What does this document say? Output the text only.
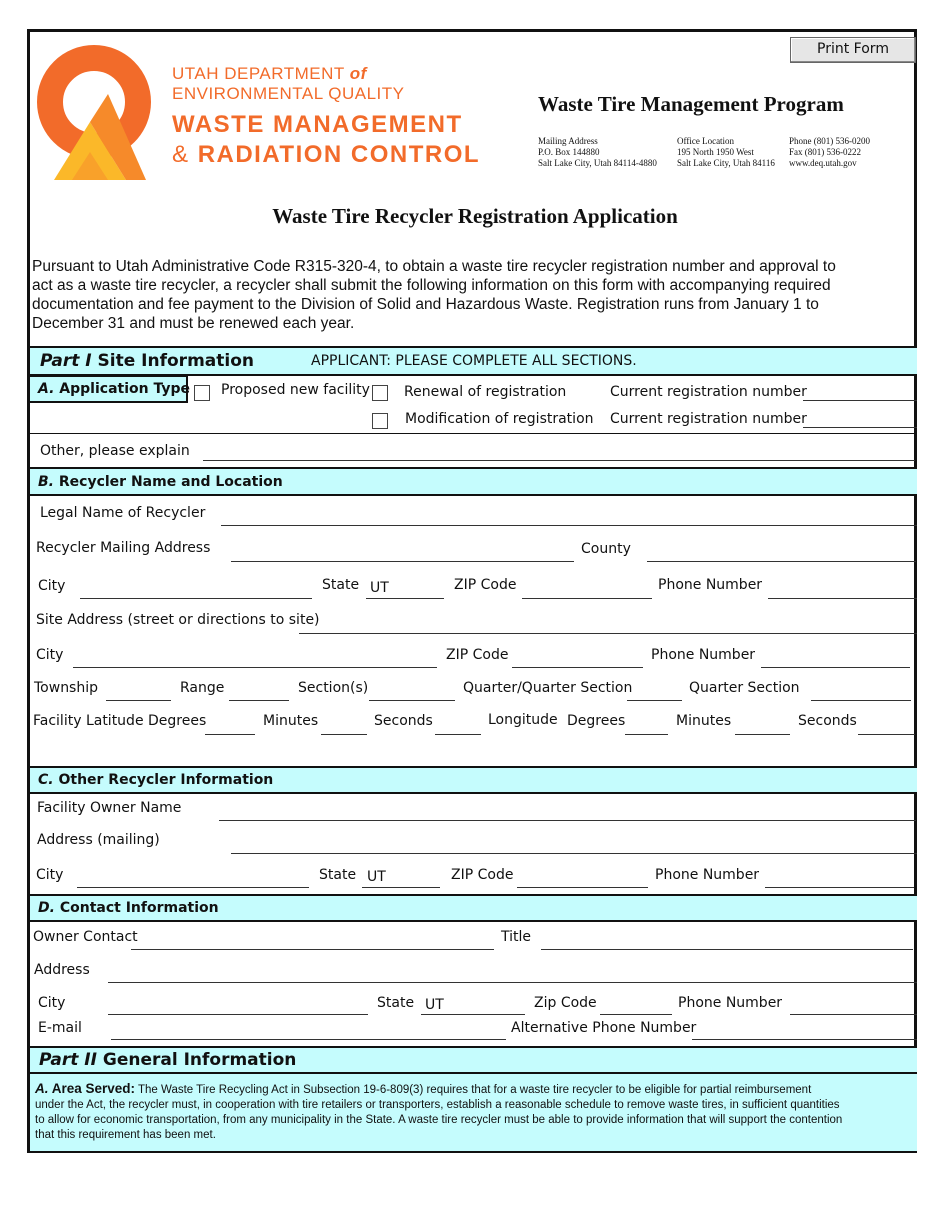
Print Form
UTAH DEPARTMENT of
ENVIRONMENTAL QUALITY
WASTE MANAGEMENT
& RADIATION CONTROL
Waste Tire Management Program
Mailing Address
P.O. Box 144880
Salt Lake City, Utah 84114-4880
Office Location
195 North 1950 West
Salt Lake City, Utah 84116
Phone (801) 536-0200
Fax (801) 536-0222
www.deq.utah.gov
Waste Tire Recycler Registration Application
Pursuant to Utah Administrative Code R315-320-4, to obtain a waste tire recycler registration number and approval to
act as a waste tire recycler, a recycler shall submit the following information on this form with accompanying required
documentation and fee payment to the Division of Solid and Hazardous Waste. Registration runs from January 1 to
December 31 and must be renewed each year.
Part I Site Information	APPLICANT: PLEASE COMPLETE ALL SECTIONS.
A. Application Type Proposed new facility Renewal of registration	Current registration number
Modification of registration Current registration number
Other, please explain
B. Recycler Name and Location
Legal Name of Recycler
Recycler Mailing Address	County
City	State UT	ZIP Code	Phone Number
Site Address (street or directions to site)
City	ZIP Code	Phone Number
Township	Range	Section(s)	Quarter/Quarter Section	Quarter Section
Facility Latitude Degrees	Minutes	Seconds	Longitude Degrees	Minutes	Seconds
C. Other Recycler Information
Facility Owner Name
Address (mailing)
City	State UT	ZIP Code	Phone Number
D. Contact Information
Owner Contact	Title
Address
City	State UT	Zip Code	Phone Number
E-mail	Alternative Phone Number
Part II General Information
A. Area Served: The Waste Tire Recycling Act in Subsection 19-6-809(3) requires that for a waste tire recycler to be eligible for partial reimbursement
under the Act, the recycler must, in cooperation with tire retailers or transporters, establish a reasonable schedule to remove waste tires, in sufficient quantities
to allow for economic transportation, from any municipality in the State. A waste tire recycler must be able to provide information that will support the contention
that this requirement has been met.
